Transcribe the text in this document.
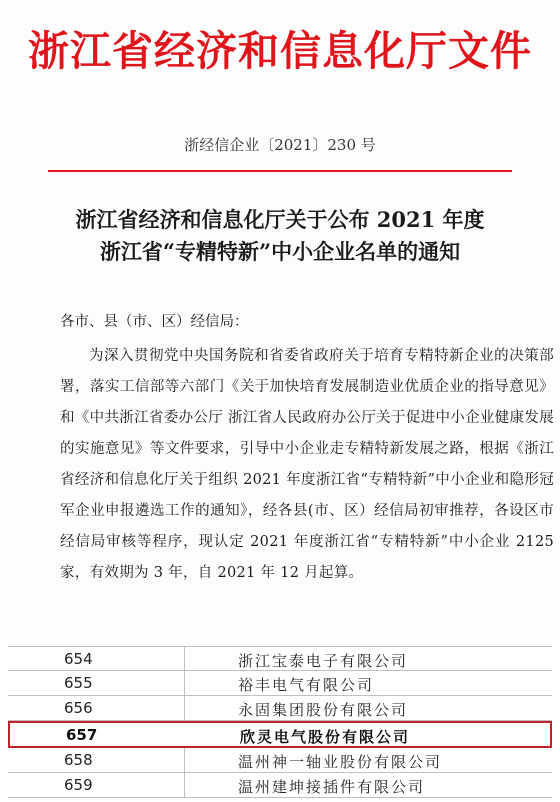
浙江省经济和信息化厅文件
浙经信企业〔2021〕230 号
浙江省经济和信息化厅关于公布 2021 年度
浙江省“专精特新”中小企业名单的通知
各市、县（市、区）经信局：
为深入贯彻党中央国务院和省委省政府关于培育专精特新企业的决策部署，落实工信部等六部门《关于加快培育发展制造业优质企业的指导意见》和《中共浙江省委办公厅 浙江省人民政府办公厅关于促进中小企业健康发展的实施意见》等文件要求，引导中小企业走专精特新发展之路，根据《浙江省经济和信息化厅关于组织 2021 年度浙江省“专精特新”中小企业和隐形冠军企业申报遴选工作的通知》，经各县(市、区）经信局初审推荐，各设区市经信局审核等程序，现认定 2021 年度浙江省“专精特新”中小企业 2125 家，有效期为 3 年，自 2021 年 12 月起算。
654	浙江宝泰电子有限公司
655	裕丰电气有限公司
656	永固集团股份有限公司
657	欣灵电气股份有限公司
658	温州神一轴业股份有限公司
659	温州建坤接插件有限公司
